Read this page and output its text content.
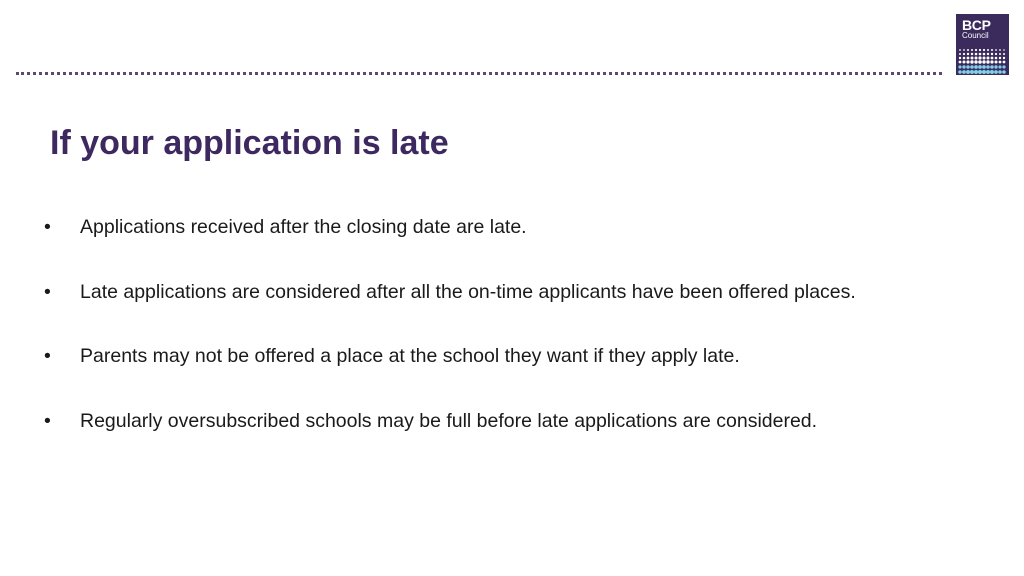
BCP
Council
If your application is late
•	Applications received after the closing date are late.
•	Late applications are considered after all the on-time applicants have been offered places.
•	Parents may not be offered a place at the school they want if they apply late.
•	Regularly oversubscribed schools may be full before late applications are considered.
